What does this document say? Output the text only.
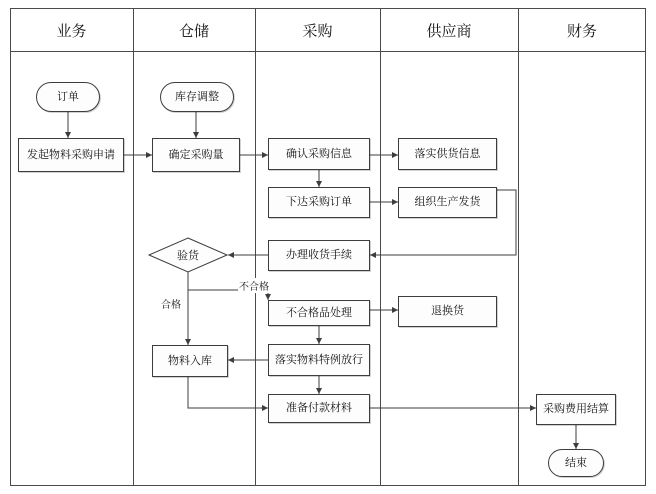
业务	仓储	采购	供应商	财务
合格
不合格
订单	库存调整
发起物料采购申请	确定采购量	确认采购信息	落实供货信息
下达采购订单	组织生产发货
办理收货手续
验货
不合格品处理	退换货
落实物料特例放行
物料入库
准备付款材料	采购费用结算
结束
